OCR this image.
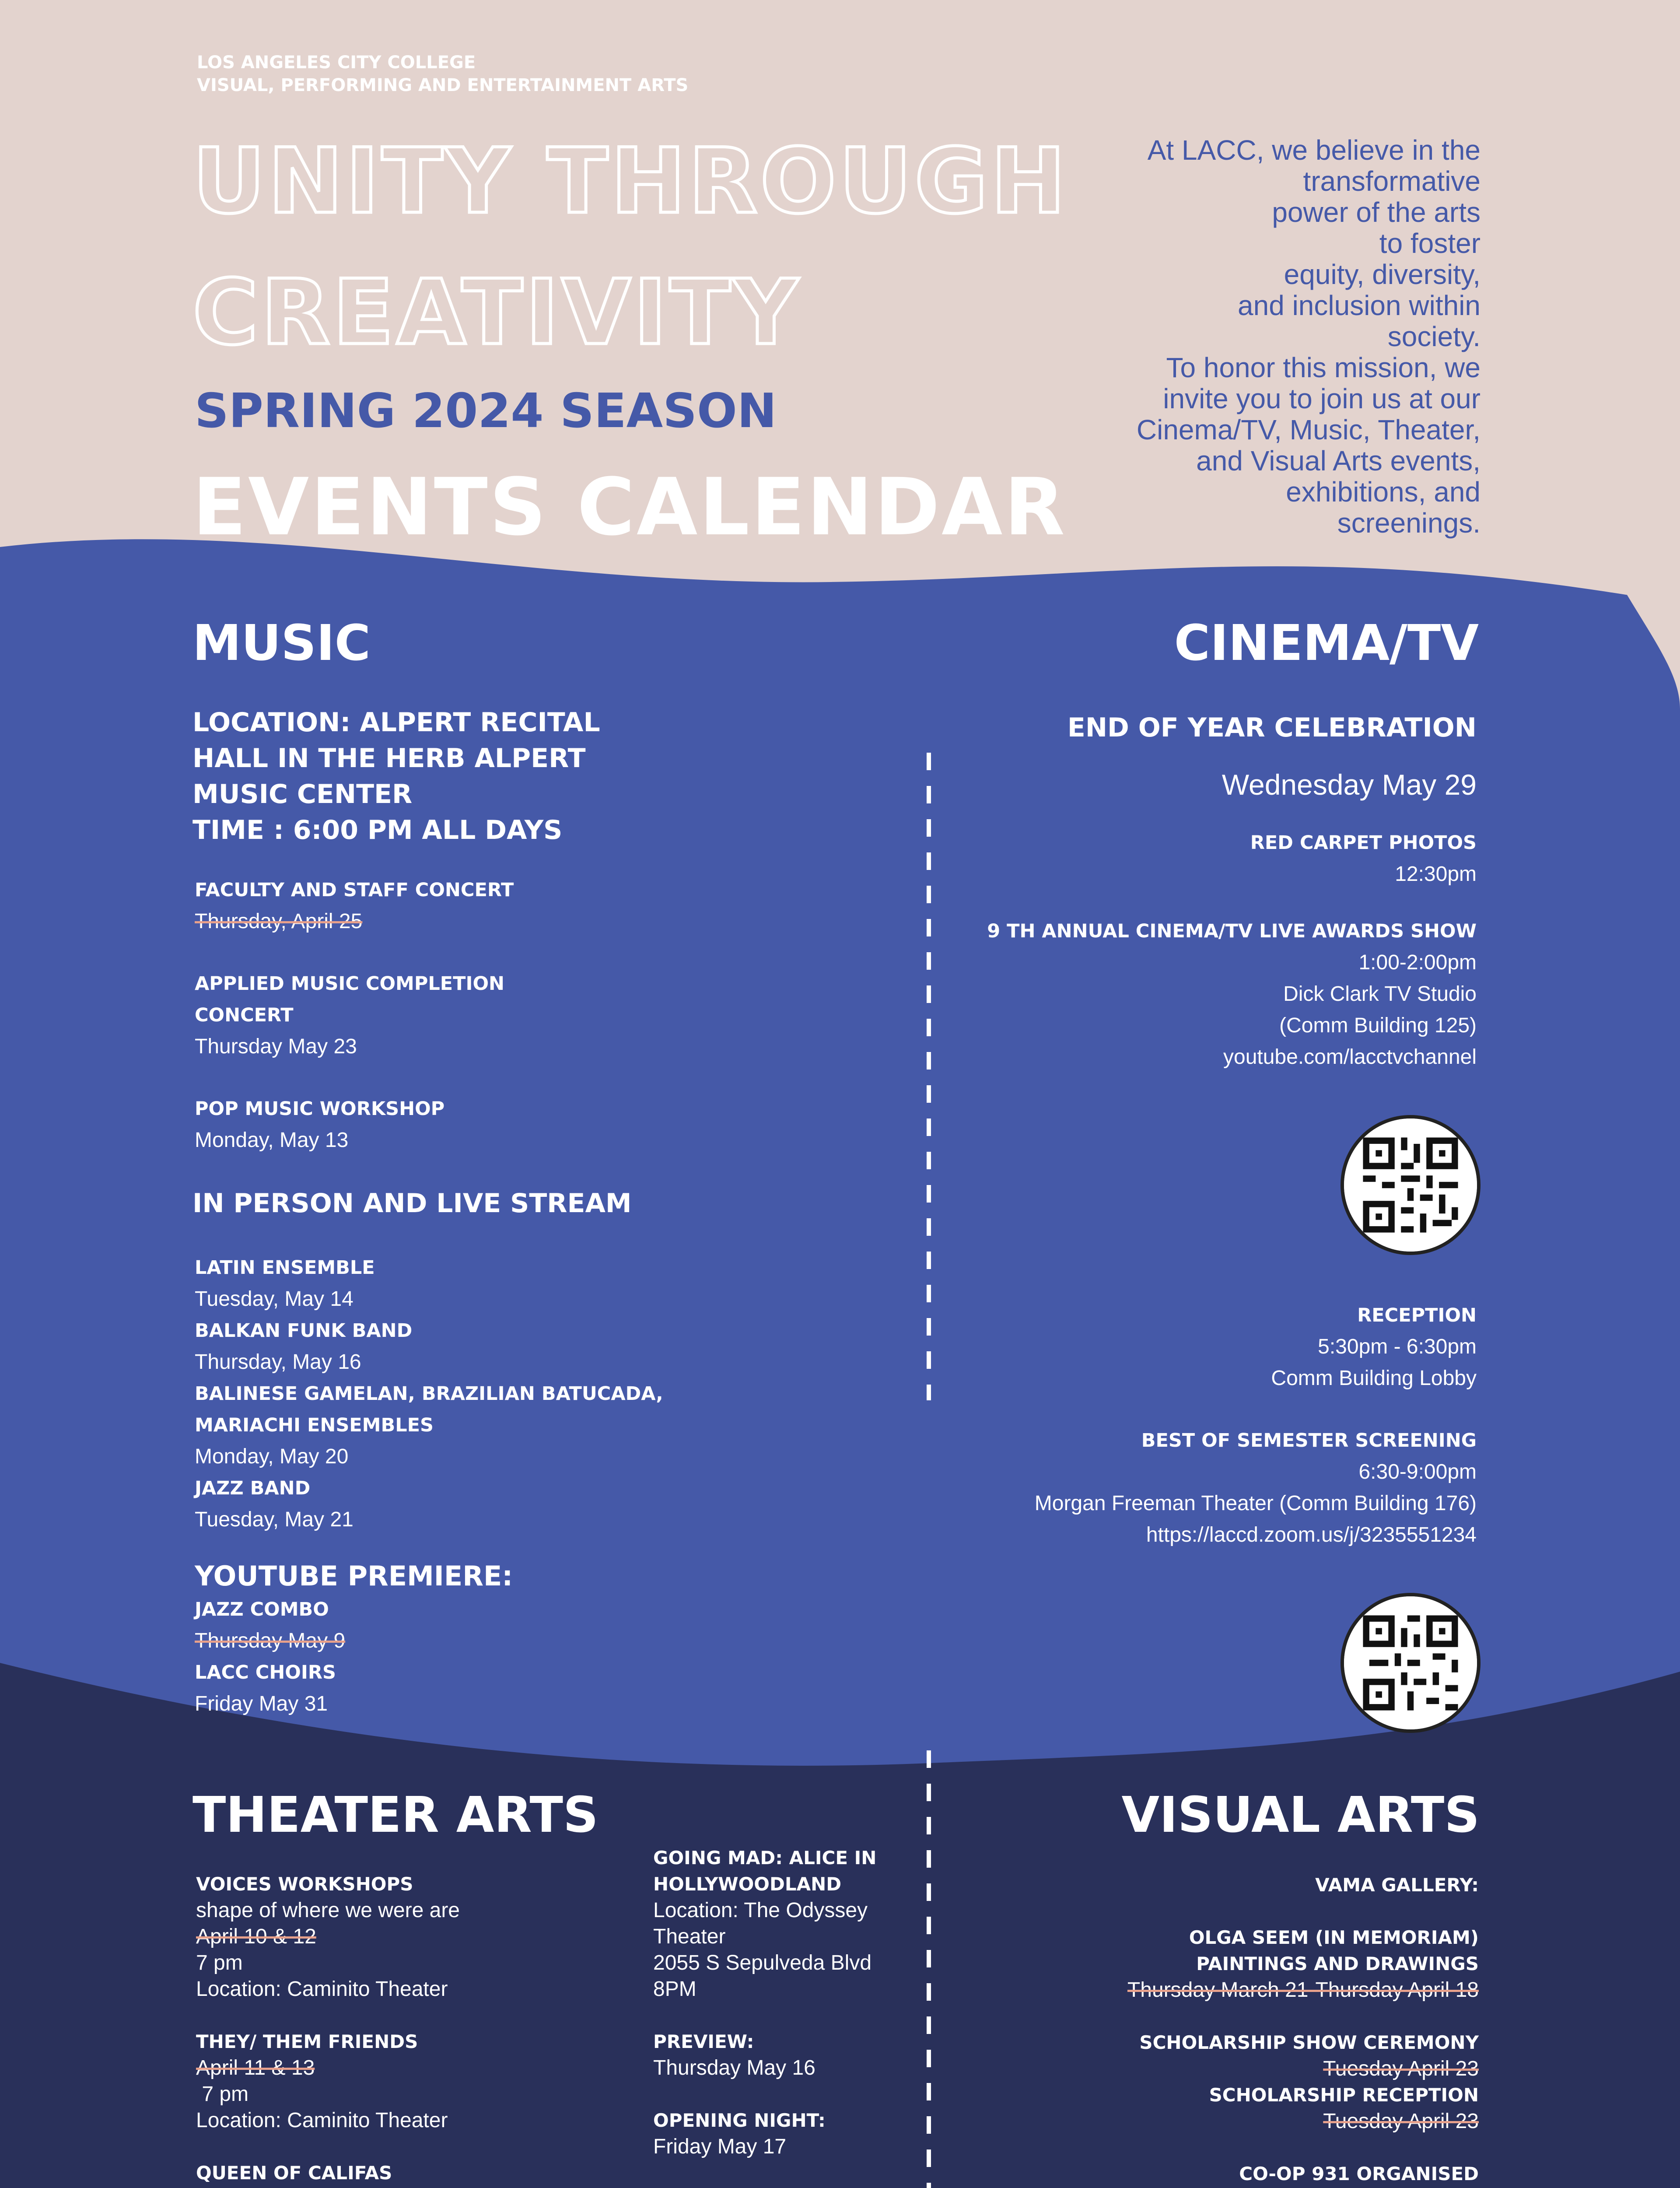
LOS ANGELES CITY COLLEGE
VISUAL, PERFORMING AND ENTERTAINMENT ARTS
UNITY THROUGH
CREATIVITY
SPRING 2024 SEASON
EVENTS CALENDAR
At LACC, we believe in the
transformative
power of the arts
to foster
equity, diversity,
and inclusion within
society.
To honor this mission, we
invite you to join us at our
Cinema/TV, Music, Theater,
and Visual Arts events,
exhibitions, and
screenings.
MUSIC
LOCATION: ALPERT RECITAL
HALL IN THE HERB ALPERT
MUSIC CENTER
TIME : 6:00 PM ALL DAYS
FACULTY AND STAFF CONCERT
Thursday, April 25
APPLIED MUSIC COMPLETION
CONCERT
Thursday May 23
POP MUSIC WORKSHOP
Monday, May 13
IN PERSON AND LIVE STREAM
LATIN ENSEMBLE
Tuesday, May 14
BALKAN FUNK BAND
Thursday, May 16
BALINESE GAMELAN, BRAZILIAN BATUCADA,
MARIACHI ENSEMBLES
Monday, May 20
JAZZ BAND
Tuesday, May 21
YOUTUBE PREMIERE:
JAZZ COMBO
Thursday May 9
LACC CHOIRS
Friday May 31
CINEMA/TV
END OF YEAR CELEBRATION
Wednesday May 29
RED CARPET PHOTOS
12:30pm
9 TH ANNUAL CINEMA/TV LIVE AWARDS SHOW
1:00-2:00pm
Dick Clark TV Studio
(Comm Building 125)
youtube.com/lacctvchannel
RECEPTION
5:30pm - 6:30pm
Comm Building Lobby
BEST OF SEMESTER SCREENING
6:30-9:00pm
Morgan Freeman Theater (Comm Building 176)
https://laccd.zoom.us/j/3235551234
THEATER ARTS
VOICES WORKSHOPS
shape of where we were are
April 10 & 12
7 pm
Location: Caminito Theater
THEY/ THEM FRIENDS
April 11 & 13
7 pm
Location: Caminito Theater
QUEEN OF CALIFAS
GOING MAD: ALICE IN
HOLLYWOODLAND
Location: The Odyssey
Theater
2055 S Sepulveda Blvd
8PM
PREVIEW:
Thursday May 16
OPENING NIGHT:
Friday May 17
VISUAL ARTS
VAMA GALLERY:
OLGA SEEM (IN MEMORIAM)
PAINTINGS AND DRAWINGS
Thursday March 21-Thursday April 18
SCHOLARSHIP SHOW CEREMONY
Tuesday April 23
SCHOLARSHIP RECEPTION
Tuesday April 23
CO-OP 931 ORGANISED
